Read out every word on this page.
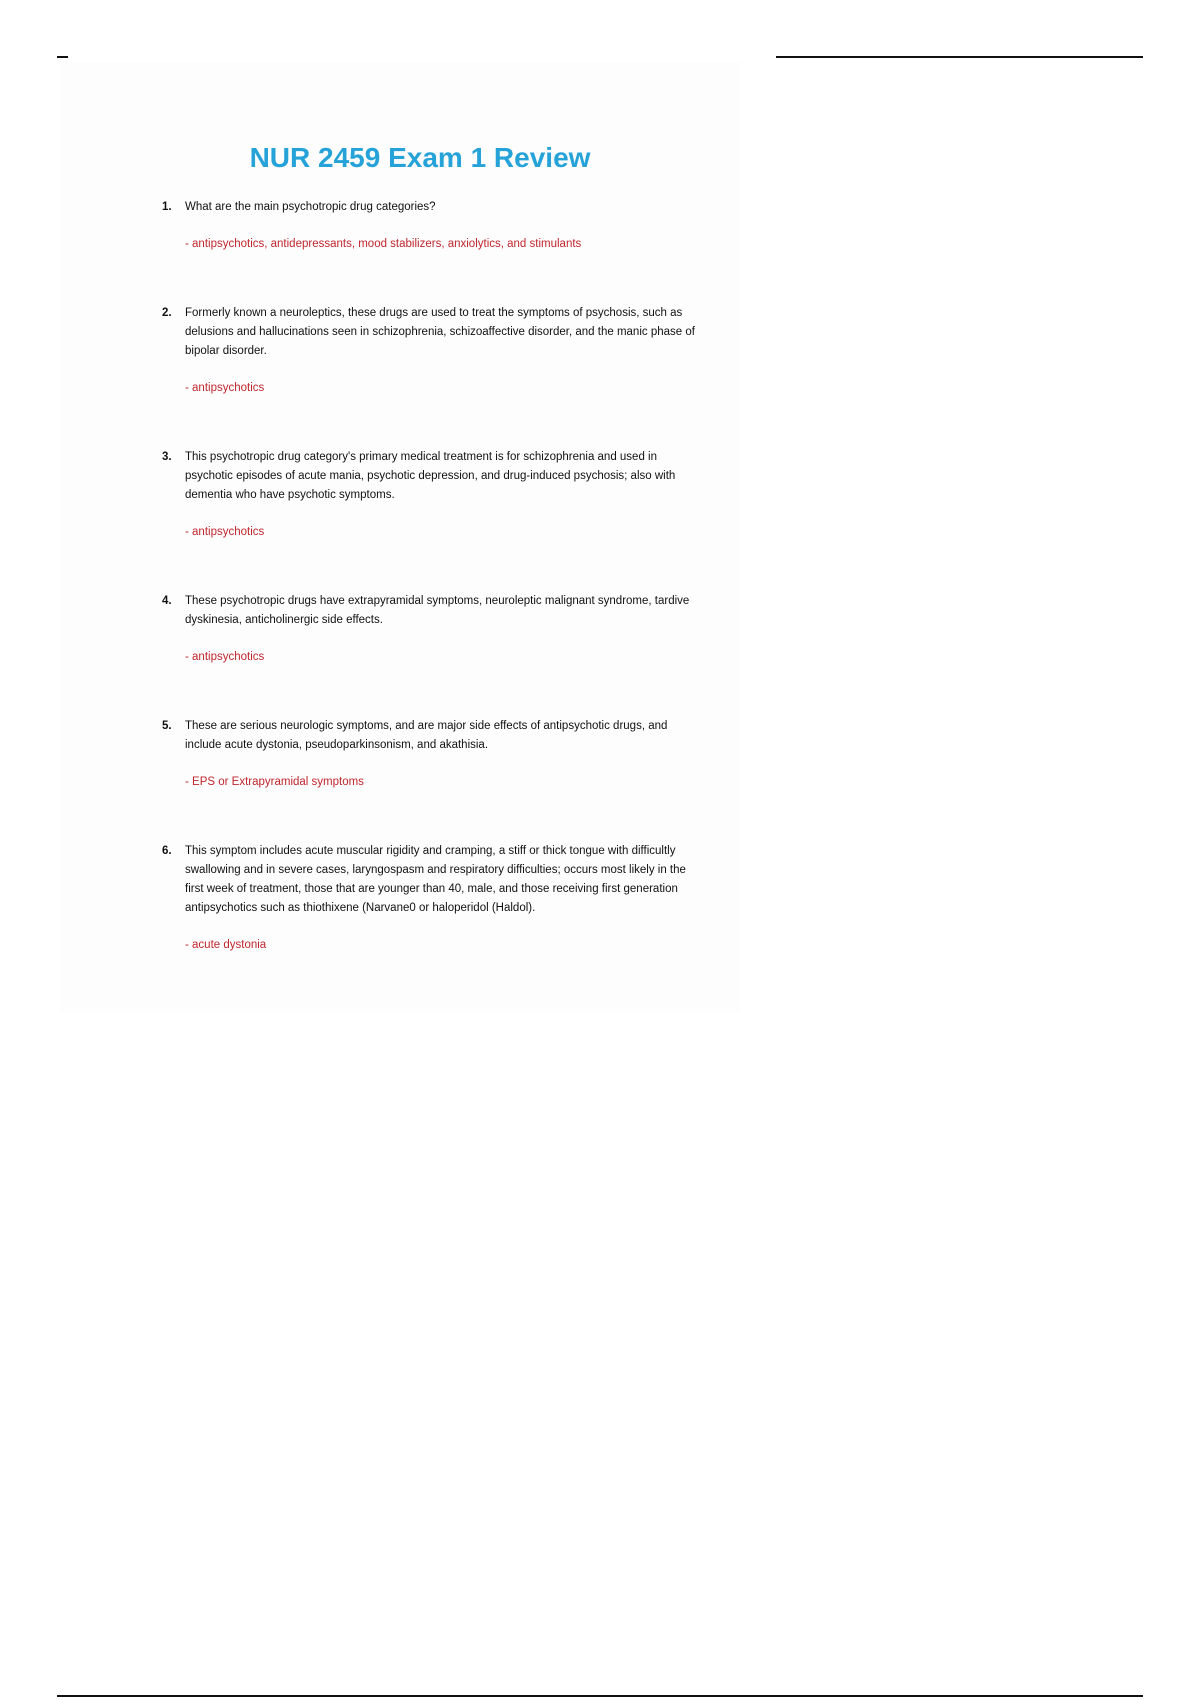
NUR 2459 Exam 1 Review
1. What are the main psychotropic drug categories?

- antipsychotics, antidepressants, mood stabilizers, anxiolytics, and stimulants

2. Formerly known a neuroleptics, these drugs are used to treat the symptoms of psychosis, such as delusions and hallucinations seen in schizophrenia, schizoaffective disorder, and the manic phase of bipolar disorder.

- antipsychotics

3. This psychotropic drug category's primary medical treatment is for schizophrenia and used in psychotic episodes of acute mania, psychotic depression, and drug-induced psychosis; also with dementia who have psychotic symptoms.

- antipsychotics

4. These psychotropic drugs have extrapyramidal symptoms, neuroleptic malignant syndrome, tardive dyskinesia, anticholinergic side effects.

- antipsychotics

5. These are serious neurologic symptoms, and are major side effects of antipsychotic drugs, and include acute dystonia, pseudoparkinsonism, and akathisia.

- EPS or Extrapyramidal symptoms

6. This symptom includes acute muscular rigidity and cramping, a stiff or thick tongue with difficultly swallowing and in severe cases, laryngospasm and respiratory difficulties; occurs most likely in the first week of treatment, those that are younger than 40, male, and those receiving first generation antipsychotics such as thiothixene (Narvane0 or haloperidol (Haldol).

- acute dystonia
